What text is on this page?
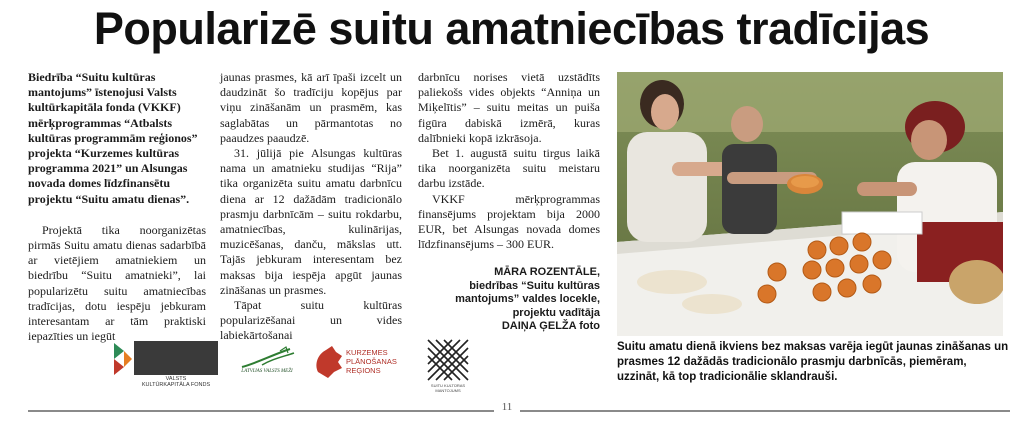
Popularizē suitu amatniecības tradīcijas

Biedrība “Suitu kultūras mantojums” īstenojusi Valsts kultūrkapitāla fonda (VKKF) mērķprogrammas “Atbalsts kultūras programmām reģionos” projekta “Kurzemes kultūras programma 2021” un Alsungas novada domes līdzfinansētu projektu “Suitu amatu dienas”.

Projektā tika noorganizētas pirmās Suitu amatu dienas sadarbībā ar vietējiem amatniekiem un biedrību “Suitu amatnieki”, lai popularizētu suitu amatniecības tradīcijas, dotu iespēju jebkuram interesantam ar tām praktiski iepazīties un iegūt

jaunas prasmes, kā arī īpaši izcelt un daudzināt šo tradīciju kopējus par viņu zināšanām un prasmēm, kas saglabātas un pārmantotas no paaudzes paaudzē.

31. jūlijā pie Alsungas kultūras nama un amatnieku studijas “Rija” tika organizēta suitu amatu darbnīcu diena ar 12 dažādām tradicionālo prasmju darbnīcām – suitu rokdarbu, amatniecības, kulinārijas, muzicēšanas, danču, mākslas utt. Tajās jebkuram interesentam bez maksas bija iespēja apgūt jaunas zināšanas un prasmes.

Tāpat suitu kultūras popularizēšanai un vides labiekārtošanai

darbnīcu norises vietā uzstādīts paliekošs vides objekts “Anniņa un Miķelītis” – suitu meitas un puiša figūra dabiskā izmērā, kuras dalībnieki kopā izkrāsoja.

Bet 1. augustā suitu tirgus laikā tika noorganizēta suitu meistaru darbu izstāde.

VKKF mērķprogrammas finansējums projektam bija 2000 EUR, bet Alsungas novada domes līdzfinansējums – 300 EUR.

MĀRA ROZENTĀLE,
biedrības “Suitu kultūras mantojums” valdes locekle, projektu vadītāja
DAIŅA ĢELŽA foto

Suitu amatu dienā ikviens bez maksas varēja iegūt jaunas zināšanas un prasmes 12 dažādās tradicionālo prasmju darbnīcās, piemēram, uzzināt, kā top tradicionālie sklandrauši.
VALSTS
KULTŪRKAPITĀLA FONDS
LATVIJAS VALSTS MEŽI
KURZEMES
PLĀNOŠANAS
REĢIONS
SUITU KULTŪRAS MANTOJUMS
11
